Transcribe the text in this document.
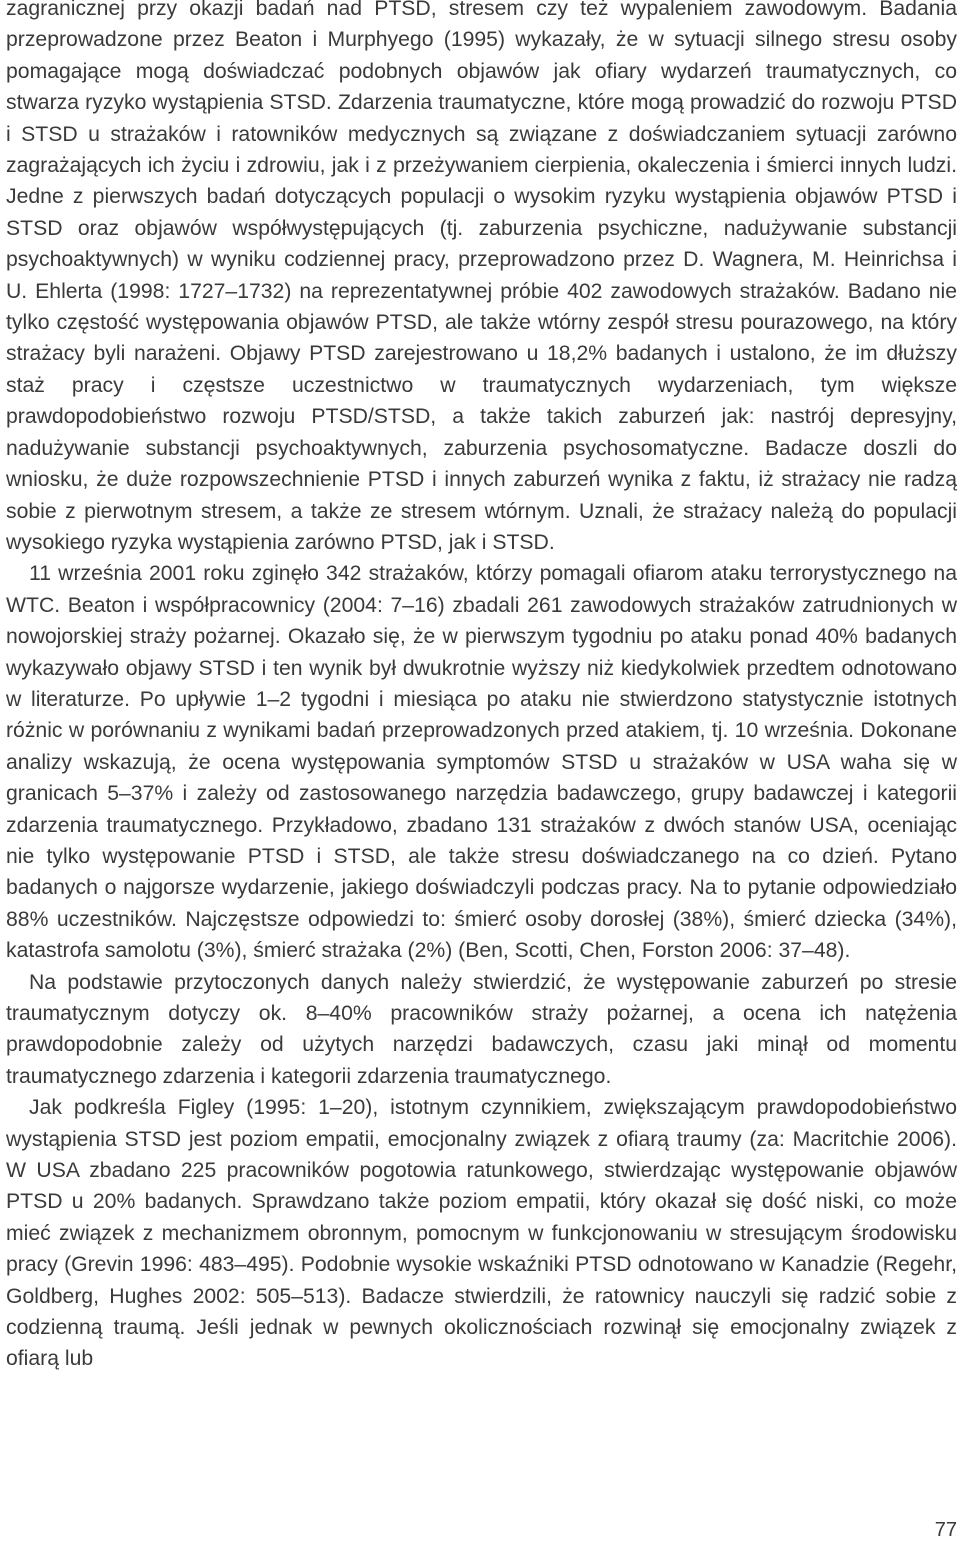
zagranicznej przy okazji badań nad PTSD, stresem czy też wypaleniem zawodowym. Badania przeprowadzone przez Beaton i Murphyego (1995) wykazały, że w sytuacji silnego stresu osoby pomagające mogą doświadczać podobnych objawów jak ofiary wydarzeń traumatycznych, co stwarza ryzyko wystąpienia STSD. Zdarzenia traumatyczne, które mogą prowadzić do rozwoju PTSD i STSD u strażaków i ratowników medycznych są związane z doświadczaniem sytuacji zarówno zagrażających ich życiu i zdrowiu, jak i z przeżywaniem cierpienia, okaleczenia i śmierci innych ludzi. Jedne z pierwszych badań dotyczących populacji o wysokim ryzyku wystąpienia objawów PTSD i STSD oraz objawów współwystępujących (tj. zaburzenia psychiczne, nadużywanie substancji psychoaktywnych) w wyniku codziennej pracy, przeprowadzono przez D. Wagnera, M. Heinrichsa i U. Ehlerta (1998: 1727–1732) na reprezentatywnej próbie 402 zawodowych strażaków. Badano nie tylko częstość występowania objawów PTSD, ale także wtórny zespół stresu pourazowego, na który strażacy byli narażeni. Objawy PTSD zarejestrowano u 18,2% badanych i ustalono, że im dłuższy staż pracy i częstsze uczestnictwo w traumatycznych wydarzeniach, tym większe prawdopodobieństwo rozwoju PTSD/STSD, a także takich zaburzeń jak: nastrój depresyjny, nadużywanie substancji psychoaktywnych, zaburzenia psychosomatyczne. Badacze doszli do wniosku, że duże rozpowszechnienie PTSD i innych zaburzeń wynika z faktu, iż strażacy nie radzą sobie z pierwotnym stresem, a także ze stresem wtórnym. Uznali, że strażacy należą do populacji wysokiego ryzyka wystąpienia zarówno PTSD, jak i STSD.

11 września 2001 roku zginęło 342 strażaków, którzy pomagali ofiarom ataku terrorystycznego na WTC. Beaton i współpracownicy (2004: 7–16) zbadali 261 zawodowych strażaków zatrudnionych w nowojorskiej straży pożarnej. Okazało się, że w pierwszym tygodniu po ataku ponad 40% badanych wykazywało objawy STSD i ten wynik był dwukrotnie wyższy niż kiedykolwiek przedtem odnotowano w literaturze. Po upływie 1–2 tygodni i miesiąca po ataku nie stwierdzono statystycznie istotnych różnic w porównaniu z wynikami badań przeprowadzonych przed atakiem, tj. 10 września. Dokonane analizy wskazują, że ocena występowania symptomów STSD u strażaków w USA waha się w granicach 5–37% i zależy od zastosowanego narzędzia badawczego, grupy badawczej i kategorii zdarzenia traumatycznego. Przykładowo, zbadano 131 strażaków z dwóch stanów USA, oceniając nie tylko występowanie PTSD i STSD, ale także stresu doświadczanego na co dzień. Pytano badanych o najgorsze wydarzenie, jakiego doświadczyli podczas pracy. Na to pytanie odpowiedziało 88% uczestników. Najczęstsze odpowiedzi to: śmierć osoby dorosłej (38%), śmierć dziecka (34%), katastrofa samolotu (3%), śmierć strażaka (2%) (Ben, Scotti, Chen, Forston 2006: 37–48).

Na podstawie przytoczonych danych należy stwierdzić, że występowanie zaburzeń po stresie traumatycznym dotyczy ok. 8–40% pracowników straży pożarnej, a ocena ich natężenia prawdopodobnie zależy od użytych narzędzi badawczych, czasu jaki minął od momentu traumatycznego zdarzenia i kategorii zdarzenia traumatycznego.

Jak podkreśla Figley (1995: 1–20), istotnym czynnikiem, zwiększającym prawdopodobieństwo wystąpienia STSD jest poziom empatii, emocjonalny związek z ofiarą traumy (za: Macritchie 2006). W USA zbadano 225 pracowników pogotowia ratunkowego, stwierdzając występowanie objawów PTSD u 20% badanych. Sprawdzano także poziom empatii, który okazał się dość niski, co może mieć związek z mechanizmem obronnym, pomocnym w funkcjonowaniu w stresującym środowisku pracy (Grevin 1996: 483–495). Podobnie wysokie wskaźniki PTSD odnotowano w Kanadzie (Regehr, Goldberg, Hughes 2002: 505–513). Badacze stwierdzili, że ratownicy nauczyli się radzić sobie z codzienną traumą. Jeśli jednak w pewnych okolicznościach rozwinął się emocjonalny związek z ofiarą lub

77
